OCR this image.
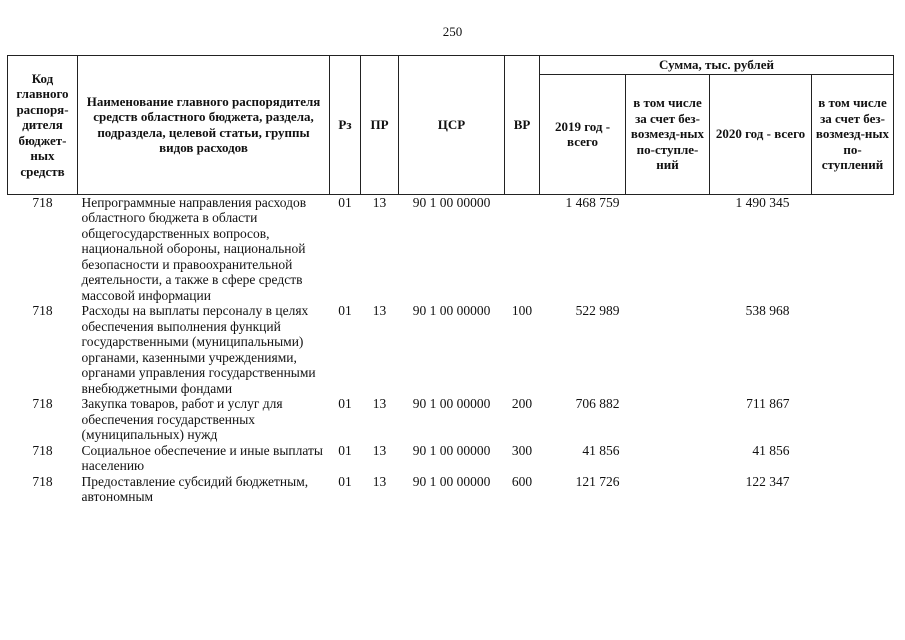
250
Код главного распоря-дителя бюджет-ных средств	Наименование главного распорядителя средств областного бюджета, раздела, подраздела, целевой статьи, группы видов расходов	Рз	ПР	ЦСР	ВР	Сумма, тыс. рублей			
						2019 год - всего	в том числе за счет без-возмезд-ных по-ступле-ний	2020 год - всего	в том числе за счет без-возмезд-ных по-ступлений
718	Непрограммные направления расходов областного бюджета в области общегосударственных вопросов, национальной обороны, национальной безопасности и правоохранительной деятельности, а также в сфере средств массовой информации	01	13	90 1 00 00000		1 468 759		1 490 345	
718	Расходы на выплаты персоналу в целях обеспечения выполнения функций государственными (муниципальными) органами, казенными учреждениями, органами управления государственными внебюджетными фондами	01	13	90 1 00 00000	100	522 989		538 968	
718	Закупка товаров, работ и услуг для обеспечения государственных (муниципальных) нужд	01	13	90 1 00 00000	200	706 882		711 867	
718	Социальное обеспечение и иные выплаты населению	01	13	90 1 00 00000	300	41 856		41 856	
718	Предоставление субсидий бюджетным, автономным	01	13	90 1 00 00000	600	121 726		122 347	
